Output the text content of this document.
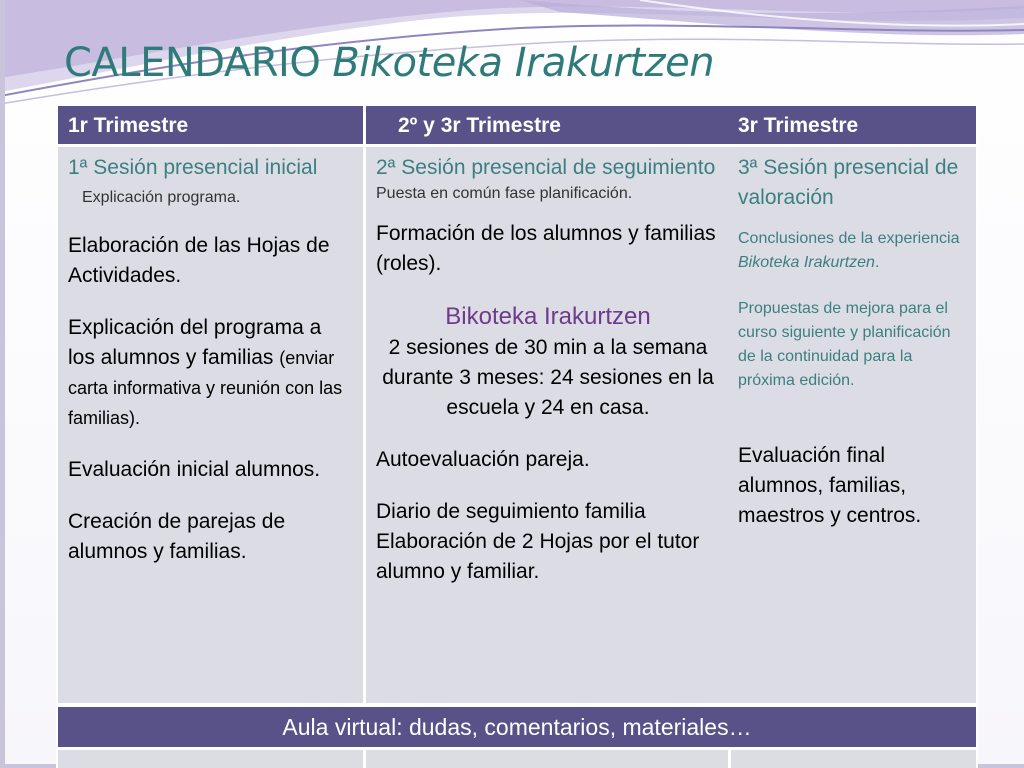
CALENDARIO Bikoteka Irakurtzen
1r Trimestre	2º y 3r Trimestre	3r Trimestre

1ª Sesión presencial inicial

Explicación programa.

Elaboración de las Hojas de Actividades.

Explicación del programa a los alumnos y familias (enviar carta informativa y reunión con las familias).

Evaluación inicial alumnos.

Creación de parejas de alumnos y familias.

2ª Sesión presencial de seguimiento

Puesta en común fase planificación.

Formación de los alumnos y familias (roles).

Bikoteka Irakurtzen

2 sesiones de 30 min a la semana durante 3 meses: 24 sesiones en la escuela y 24 en casa.

Autoevaluación pareja.

Diario de seguimiento familia Elaboración de 2 Hojas por el tutor alumno y familiar.

3ª Sesión presencial de valoración

Conclusiones de la experiencia Bikoteka Irakurtzen.

Propuestas de mejora para el curso siguiente y planificación de la continuidad para la próxima edición.

Evaluación final alumnos, familias, maestros y centros.

Aula virtual: dudas, comentarios, materiales…
